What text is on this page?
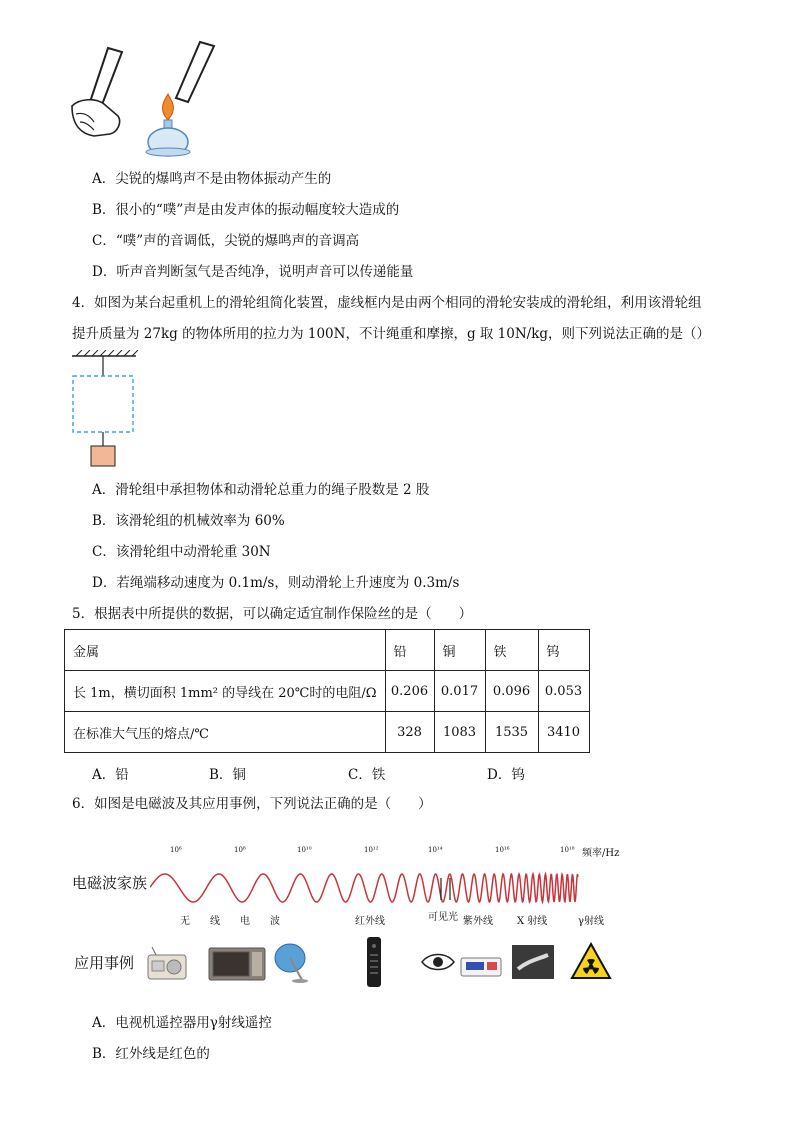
A．尖锐的爆鸣声不是由物体振动产生的
B．很小的“噗”声是由发声体的振动幅度较大造成的
C．“噗”声的音调低，尖锐的爆鸣声的音调高
D．听声音判断氢气是否纯净，说明声音可以传递能量
4．如图为某台起重机上的滑轮组简化装置，虚线框内是由两个相同的滑轮安装成的滑轮组，利用该滑轮组
提升质量为 27kg 的物体所用的拉力为 100N，不计绳重和摩擦，g 取 10N/kg，则下列说法正确的是（）
A．滑轮组中承担物体和动滑轮总重力的绳子股数是 2 股
B．该滑轮组的机械效率为 60%
C．该滑轮组中动滑轮重 30N
D．若绳端移动速度为 0.1m/s，则动滑轮上升速度为 0.3m/s
5．根据表中所提供的数据，可以确定适宜制作保险丝的是（　　）
金属	铅	铜	铁	钨
长 1m，横切面积 1mm² 的导线在 20℃时的电阻/Ω	0.206	0.017	0.096	0.053
在标准大气压的熔点/℃	328	1083	1535	3410
A．铅	B．铜	C．铁	D．钨
6．如图是电磁波及其应用事例，下列说法正确的是（　　）
电磁波家族
应用事例
10⁶	10⁸	10¹⁰	10¹²	10¹⁴	10¹⁶	10¹⁸ 频率/Hz
无 线 电 波	红外线	可见光 紫外线 X 射线	γ射线
A．电视机遥控器用γ射线遥控
B．红外线是红色的
